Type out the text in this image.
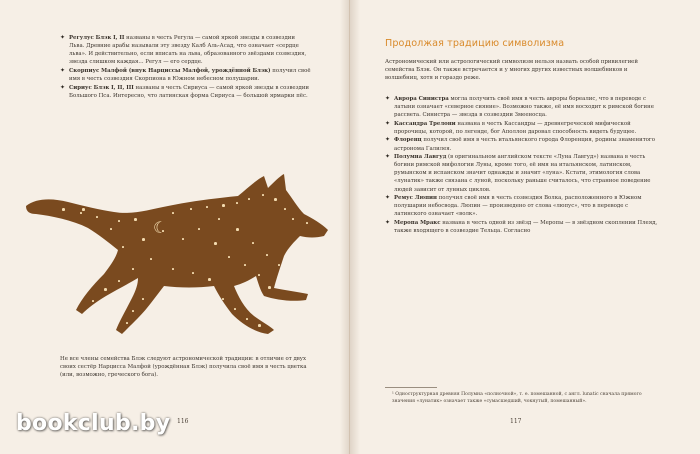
✦ Регулус Блэк I, II названы в честь Регула — самой яркой звезды в созвездии Льва. Древние арабы называли эту звезду Калб Аль-Асад, что означает «сердце льва». И действительно, если вписать на льва, образованного звёздами созвездия, звезда слишком каждая... Регул — его сердце.
✦ Скорпиус Малфой (внук Нарциссы Малфой, урождённой Блэк) получил своё имя в честь созвездия Скорпиона в Южном небесном полушарии.
✦ Сириус Блэк I, II, III названы в честь Сириуса — самой яркой звезды в созвездии Большого Пса. Интересно, что латинская форма Сириуса — большой ярмарки пёс.
☾
Не все члены семейства Блэк следуют астрономической традиции: в отличие от двух своих сестёр Нарцисса Малфой (урождённая Блэк) получила своё имя в честь цветка (или, возможно, греческого бога).
116
Продолжая традицию символизма
Астрономический или астрологический символизм нельзя назвать особой привилегией семейства Блэк. Он также встречается и у многих других известных волшебников и волшебниц, хотя и гораздо реже.
✦ Аврора Синистра могла получить своё имя в честь авроры бореалис, что в переводе с латыни означает «северное сияние». Возможно также, её имя восходит к римской богине рассвета. Синистра — звезда в созвездии Змееносца.
✦ Кассандра Трелони названа в честь Кассандры — древнегреческой мифической пророчицы, которой, по легенде, бог Аполлон даровал способность видеть будущее.
✦ Флоренц получил своё имя в честь итальянского города Флоренция, родины знаменитого астронома Галилея.
✦ Полумна Лавгуд (в оригинальном английском тексте «Луна Лавгуд») названа в честь богини римской мифологии Луны, кроме того, её имя на итальянском, латинском, румынском и испанском значит однажды и значит «луна». Кстати, этимология слова «лунатик» также связана с луной, поскольку раньше считалось, что странное поведение людей зависит от лунных циклов.
✦ Ремус Люпин получил своё имя в честь созвездия Волка, расположенного в Южном полушарии небосвода. Люпин — произведено от слова «люпус», что в переводе с латинского означает «волк».
✦ Меропа Мракс названа в честь одной из звёзд — Меропы — в звёздном скоплении Плеяд, также входящего в созвездие Тельца. Согласно
¹ Одноструктурная древняя Полумна «полночной», т. е. помешанной, с англ. lunatic сначала прямого значения «лунатик» означает также «сумасшедший, чокнутый, помешанный».
117
bookclub.by
